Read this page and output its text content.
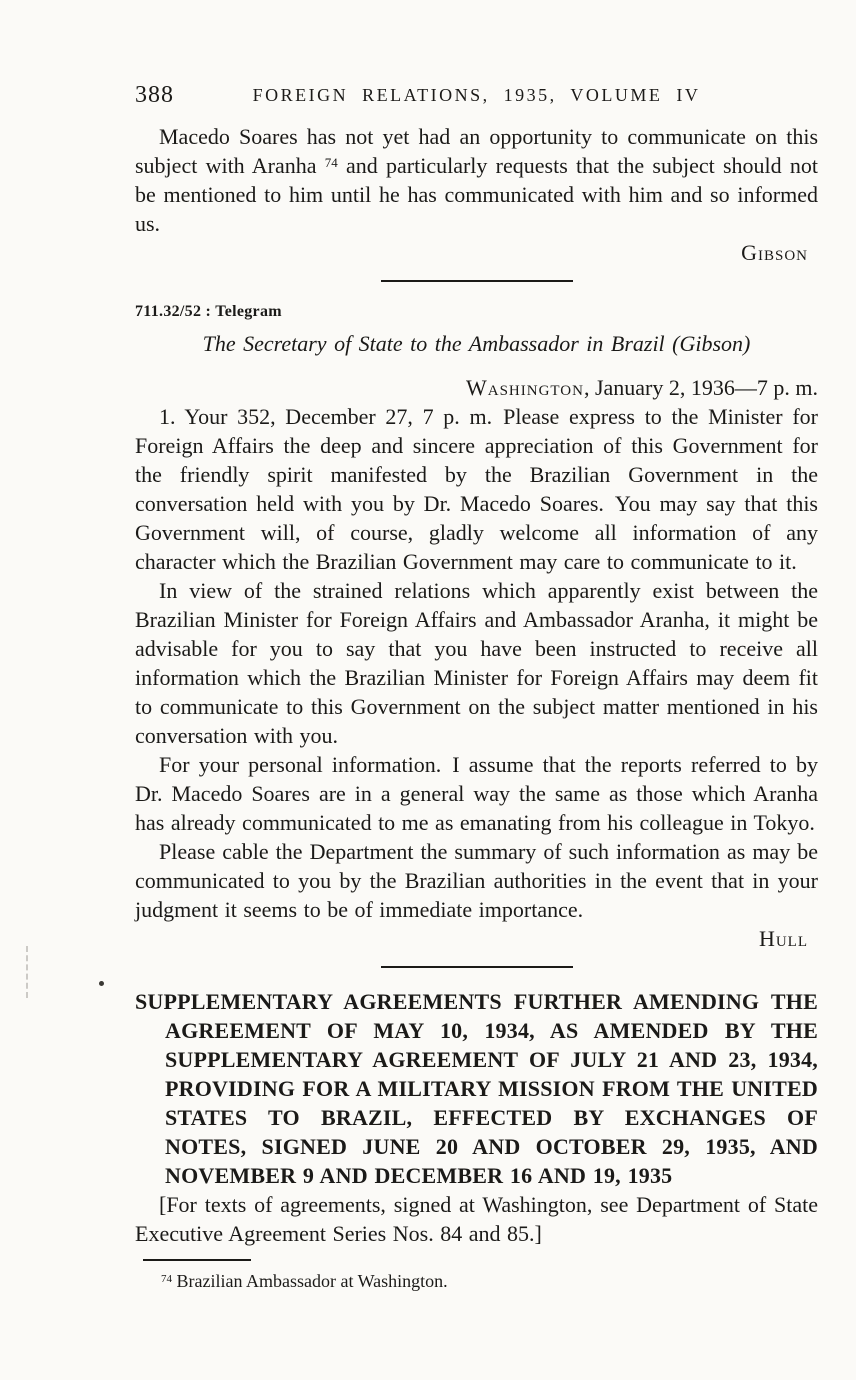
388	FOREIGN RELATIONS, 1935, VOLUME IV

Macedo Soares has not yet had an opportunity to communicate on this subject with Aranha $^{74}$ and particularly requests that the subject should not be mentioned to him until he has communicated with him and so informed us.

Gibson

711.32/52 : Telegram

The Secretary of State to the Ambassador in Brazil (Gibson)

Washington, January 2, 1936—7 p. m.

1. Your 352, December 27, 7 p. m. Please express to the Minister for Foreign Affairs the deep and sincere appreciation of this Government for the friendly spirit manifested by the Brazilian Government in the conversation held with you by Dr. Macedo Soares. You may say that this Government will, of course, gladly welcome all information of any character which the Brazilian Government may care to communicate to it.

In view of the strained relations which apparently exist between the Brazilian Minister for Foreign Affairs and Ambassador Aranha, it might be advisable for you to say that you have been instructed to receive all information which the Brazilian Minister for Foreign Affairs may deem fit to communicate to this Government on the subject matter mentioned in his conversation with you.

For your personal information. I assume that the reports referred to by Dr. Macedo Soares are in a general way the same as those which Aranha has already communicated to me as emanating from his colleague in Tokyo.

Please cable the Department the summary of such information as may be communicated to you by the Brazilian authorities in the event that in your judgment it seems to be of immediate importance.

Hull

SUPPLEMENTARY AGREEMENTS FURTHER AMENDING THE AGREEMENT OF MAY 10, 1934, AS AMENDED BY THE SUPPLEMENTARY AGREEMENT OF JULY 21 AND 23, 1934, PROVIDING FOR A MILITARY MISSION FROM THE UNITED STATES TO BRAZIL, EFFECTED BY EXCHANGES OF NOTES, SIGNED JUNE 20 AND OCTOBER 29, 1935, AND NOVEMBER 9 AND DECEMBER 16 AND 19, 1935

[For texts of agreements, signed at Washington, see Department of State Executive Agreement Series Nos. 84 and 85.]

$^{74}$ Brazilian Ambassador at Washington.
